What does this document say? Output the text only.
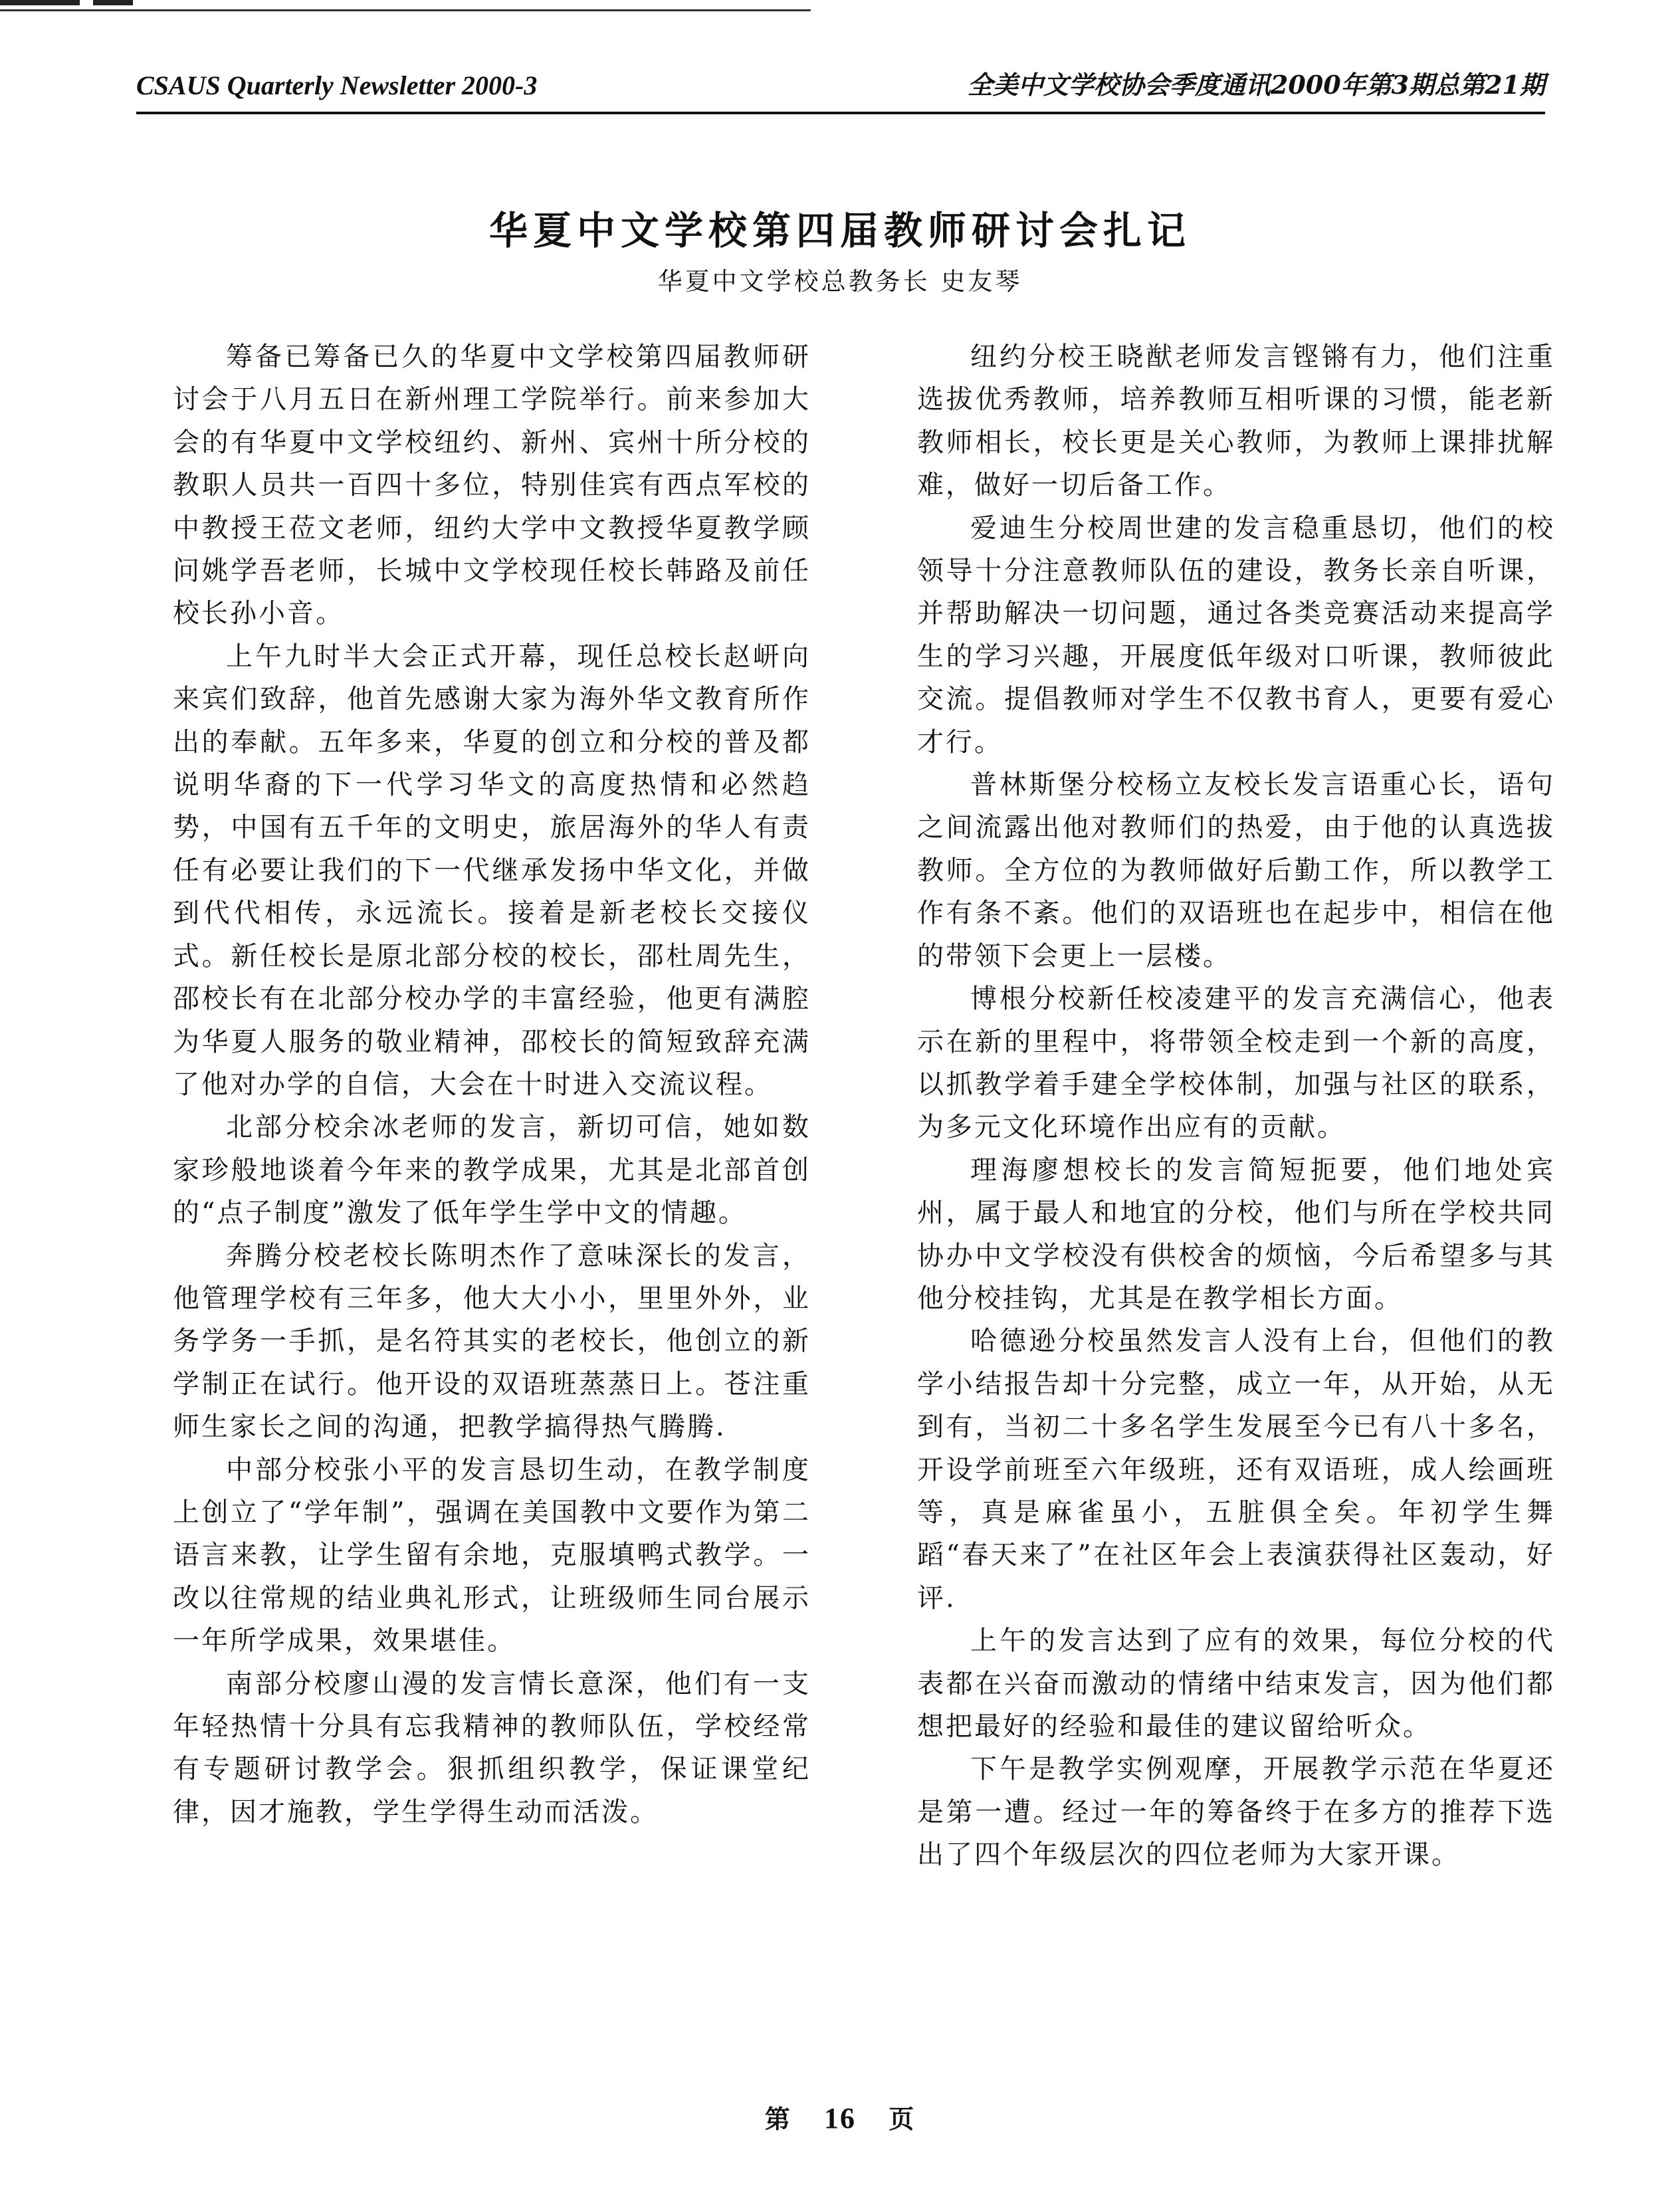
CSAUS Quarterly Newsletter 2000-3	全美中文学校协会季度通讯2000年第3期总第21期
华夏中文学校第四届教师研讨会扎记
华夏中文学校总教务长 史友琴

筹备已筹备已久的华夏中文学校第四届教师研讨会于八月五日在新州理工学院举行。前来参加大会的有华夏中文学校纽约、新州、宾州十所分校的教职人员共一百四十多位，特别佳宾有西点军校的中教授王莅文老师，纽约大学中文教授华夏教学顾问姚学吾老师，长城中文学校现任校长韩路及前任校长孙小音。

上午九时半大会正式开幕，现任总校长赵岍向来宾们致辞，他首先感谢大家为海外华文教育所作出的奉献。五年多来，华夏的创立和分校的普及都说明华裔的下一代学习华文的高度热情和必然趋势，中国有五千年的文明史，旅居海外的华人有责任有必要让我们的下一代继承发扬中华文化，并做到代代相传，永远流长。接着是新老校长交接仪式。新任校长是原北部分校的校长，邵杜周先生，邵校长有在北部分校办学的丰富经验，他更有满腔为华夏人服务的敬业精神，邵校长的简短致辞充满了他对办学的自信，大会在十时进入交流议程。

北部分校余冰老师的发言，新切可信，她如数家珍般地谈着今年来的教学成果，尤其是北部首创的“点子制度”激发了低年学生学中文的情趣。

奔腾分校老校长陈明杰作了意味深长的发言，他管理学校有三年多，他大大小小，里里外外，业务学务一手抓，是名符其实的老校长，他创立的新学制正在试行。他开设的双语班蒸蒸日上。苍注重师生家长之间的沟通，把教学搞得热气腾腾.

中部分校张小平的发言恳切生动，在教学制度上创立了“学年制”，强调在美国教中文要作为第二语言来教，让学生留有余地，克服填鸭式教学。一改以往常规的结业典礼形式，让班级师生同台展示一年所学成果，效果堪佳。

南部分校廖山漫的发言情长意深，他们有一支年轻热情十分具有忘我精神的教师队伍，学校经常有专题研讨教学会。狠抓组织教学，保证课堂纪律，因才施教，学生学得生动而活泼。

纽约分校王晓猷老师发言铿锵有力，他们注重选拔优秀教师，培养教师互相听课的习惯，能老新教师相长，校长更是关心教师，为教师上课排扰解难，做好一切后备工作。

爱迪生分校周世建的发言稳重恳切，他们的校领导十分注意教师队伍的建设，教务长亲自听课，并帮助解决一切问题，通过各类竞赛活动来提高学生的学习兴趣，开展度低年级对口听课，教师彼此交流。提倡教师对学生不仅教书育人，更要有爱心才行。

普林斯堡分校杨立友校长发言语重心长，语句之间流露出他对教师们的热爱，由于他的认真选拔教师。全方位的为教师做好后勤工作，所以教学工作有条不紊。他们的双语班也在起步中，相信在他的带领下会更上一层楼。

博根分校新任校凌建平的发言充满信心，他表示在新的里程中，将带领全校走到一个新的高度，以抓教学着手建全学校体制，加强与社区的联系，为多元文化环境作出应有的贡献。

理海廖想校长的发言简短扼要，他们地处宾州，属于最人和地宜的分校，他们与所在学校共同协办中文学校没有供校舍的烦恼，今后希望多与其他分校挂钩，尤其是在教学相长方面。

哈德逊分校虽然发言人没有上台，但他们的教学小结报告却十分完整，成立一年，从开始，从无到有，当初二十多名学生发展至今已有八十多名，开设学前班至六年级班，还有双语班，成人绘画班等，真是麻雀虽小，五脏俱全矣。年初学生舞蹈“春天来了”在社区年会上表演获得社区轰动，好评.

上午的发言达到了应有的效果，每位分校的代表都在兴奋而激动的情绪中结束发言，因为他们都想把最好的经验和最佳的建议留给听众。

下午是教学实例观摩，开展教学示范在华夏还是第一遭。经过一年的筹备终于在多方的推荐下选出了四个年级层次的四位老师为大家开课。

第 16 页
